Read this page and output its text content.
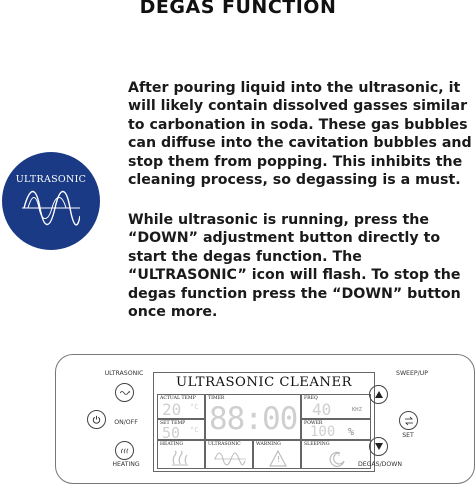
DEGAS FUNCTION
ULTRASONIC
After pouring liquid into the ultrasonic, it will likely contain dissolved gasses similar to carbonation in soda. These gas bubbles can diffuse into the cavitation bubbles and stop them from popping. This inhibits the cleaning process, so degassing is a must.
While ultrasonic is running, press the “DOWN” adjustment button directly to start the degas function. The “ULTRASONIC” icon will flash. To stop the degas function press the “DOWN” button once more.
ULTRASONIC
ON/OFF
HEATING
ULTRASONIC CLEANER
ACTUAL TEMP
20 °C
TIMER
88:00
FREQ
40	KHZ
SET TEMP
50 °C
POWER
100 %
HEATING	ULTRASONIC	WARNING
!
SLEEPING
z
SWEEP/UP
SET
DEGAS/DOWN
